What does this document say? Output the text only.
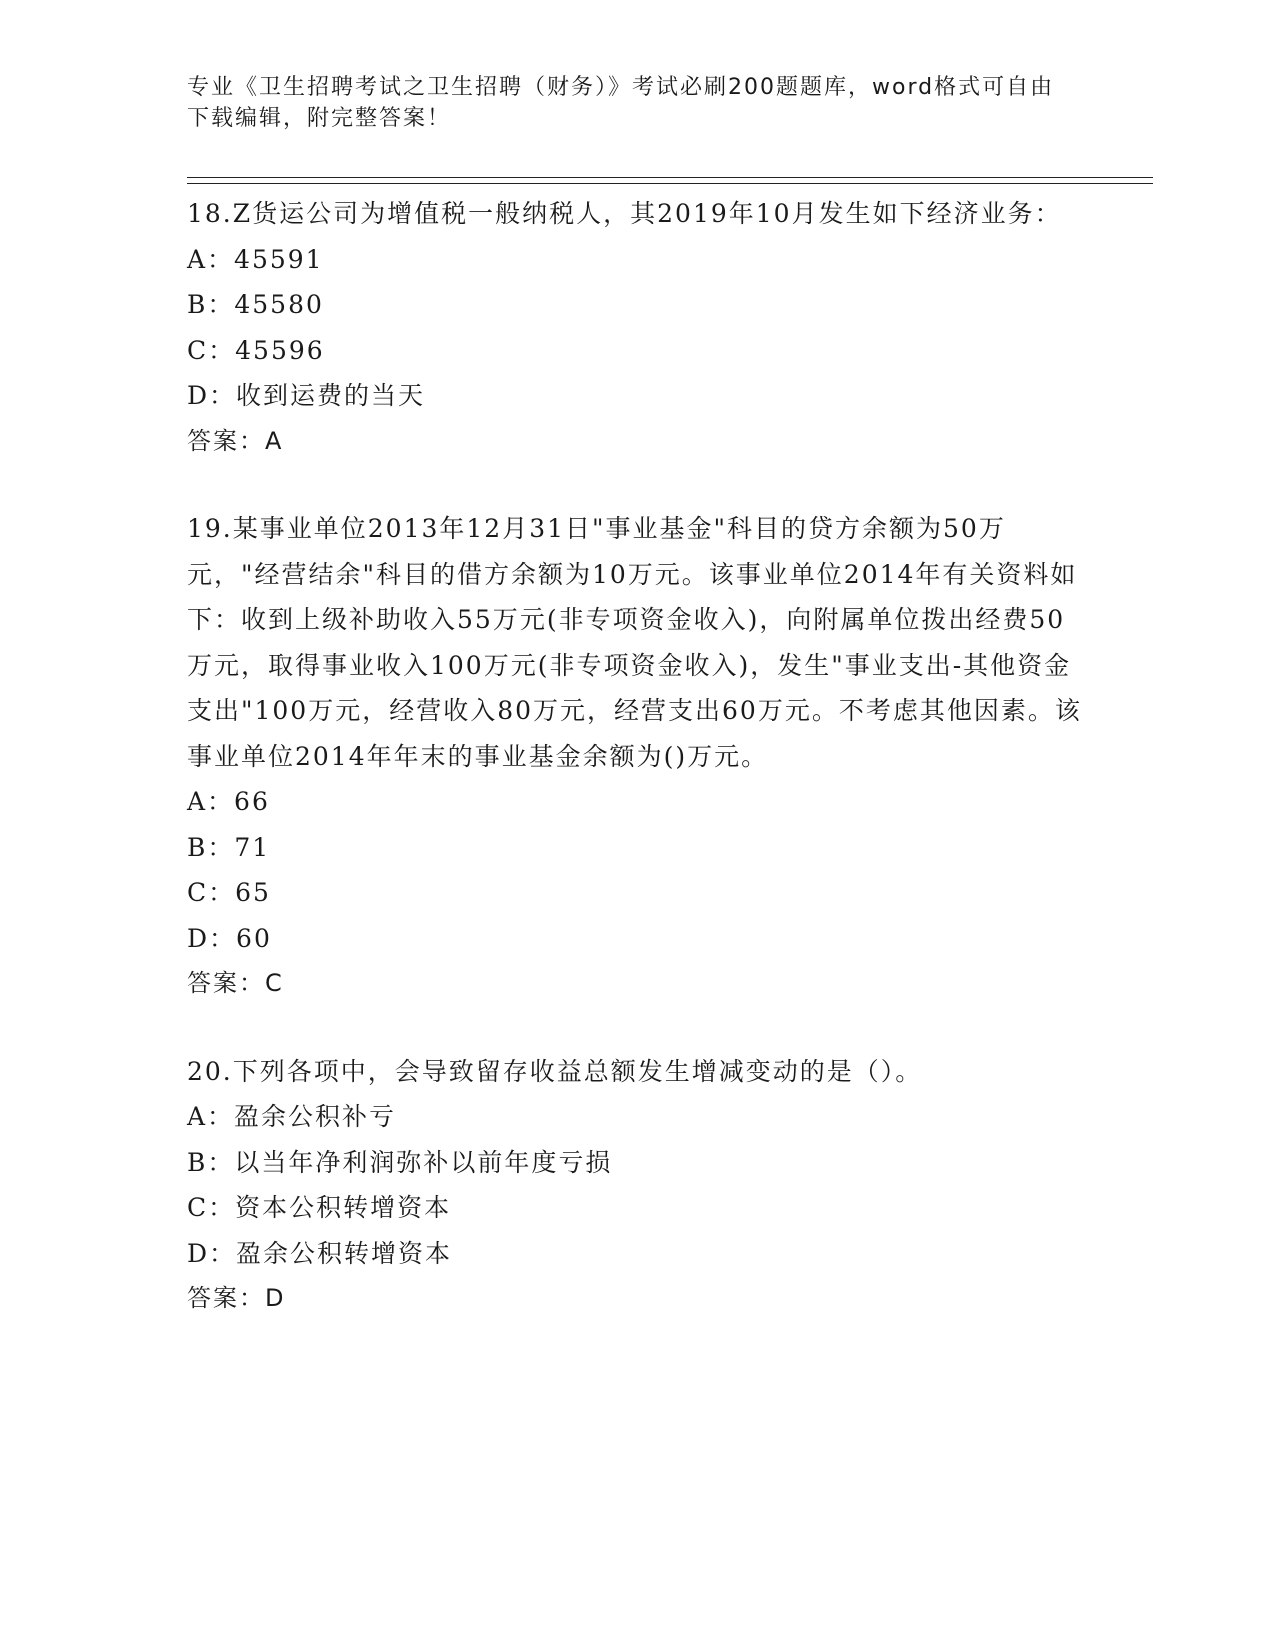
专业《卫生招聘考试之卫生招聘（财务）》考试必刷200题题库，word格式可自由下载编辑，附完整答案！
18.Z货运公司为增值税一般纳税人，其2019年10月发生如下经济业务：
A：45591
B：45580
C：45596
D：收到运费的当天
答案：A
19.某事业单位2013年12月31日"事业基金"科目的贷方余额为50万元，"经营结余"科目的借方余额为10万元。该事业单位2014年有关资料如下：收到上级补助收入55万元(非专项资金收入)，向附属单位拨出经费50万元，取得事业收入100万元(非专项资金收入)，发生"事业支出-其他资金支出"100万元，经营收入80万元，经营支出60万元。不考虑其他因素。该事业单位2014年年末的事业基金余额为()万元。
A：66
B：71
C：65
D：60
答案：C
20.下列各项中，会导致留存收益总额发生增减变动的是（）。
A：盈余公积补亏
B：以当年净利润弥补以前年度亏损
C：资本公积转增资本
D：盈余公积转增资本
答案：D
